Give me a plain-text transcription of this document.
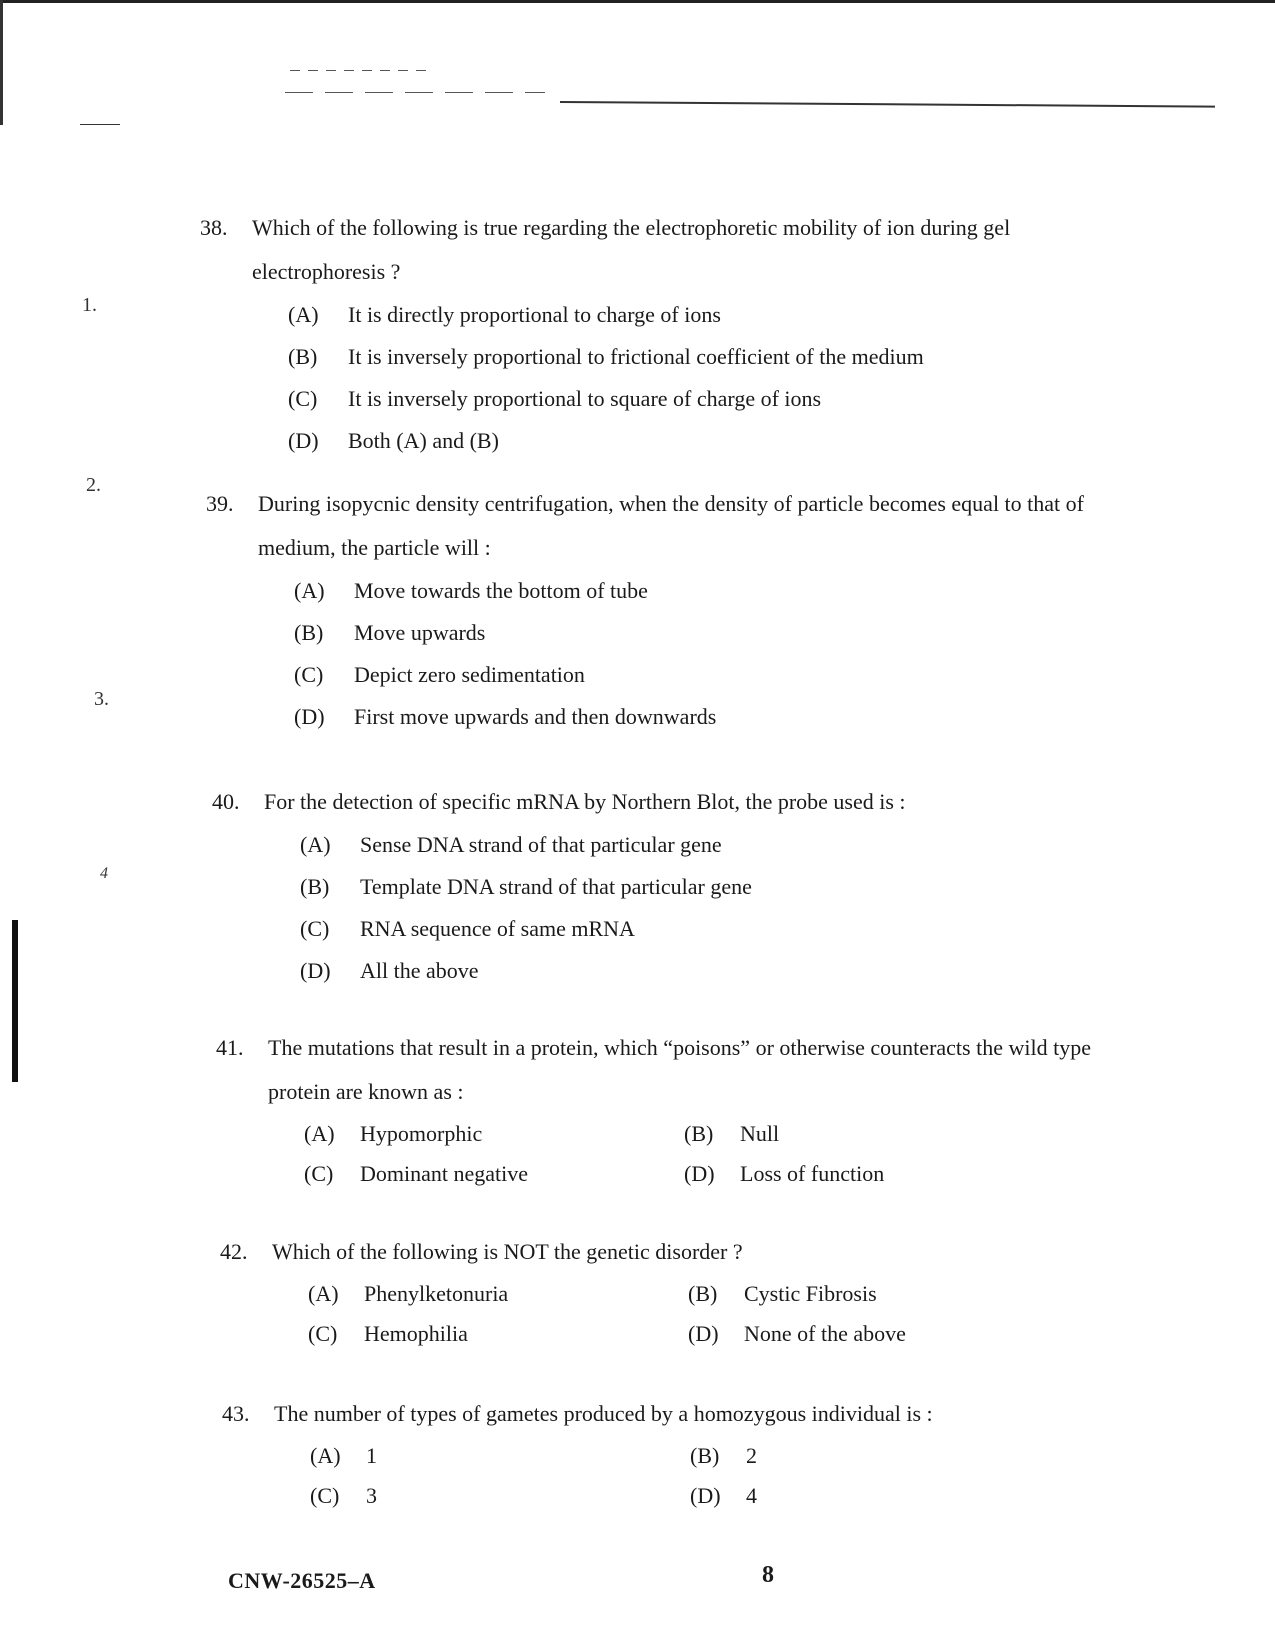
1.
2.
3.
4
38.	Which of the following is true regarding the electrophoretic mobility of ion during gel electrophoresis ?
(A)	It is directly proportional to charge of ions
(B)	It is inversely proportional to frictional coefficient of the medium
(C)	It is inversely proportional to square of charge of ions
(D)	Both (A) and (B)
39.	During isopycnic density centrifugation, when the density of particle becomes equal to that of medium, the particle will :
(A)	Move towards the bottom of tube
(B)	Move upwards
(C)	Depict zero sedimentation
(D)	First move upwards and then downwards
40.	For the detection of specific mRNA by Northern Blot, the probe used is :
(A)	Sense DNA strand of that particular gene
(B)	Template DNA strand of that particular gene
(C)	RNA sequence of same mRNA
(D)	All the above
41.	The mutations that result in a protein, which “poisons” or otherwise counteracts the wild type protein are known as :
(A)	Hypomorphic	(B)	Null
(C)	Dominant negative	(D)	Loss of function
42.	Which of the following is NOT the genetic disorder ?
(A)	Phenylketonuria	(B)	Cystic Fibrosis
(C)	Hemophilia	(D)	None of the above
43.	The number of types of gametes produced by a homozygous individual is :
(A)	1	(B)	2
(C)	3	(D)	4
CNW-26525–A	8
